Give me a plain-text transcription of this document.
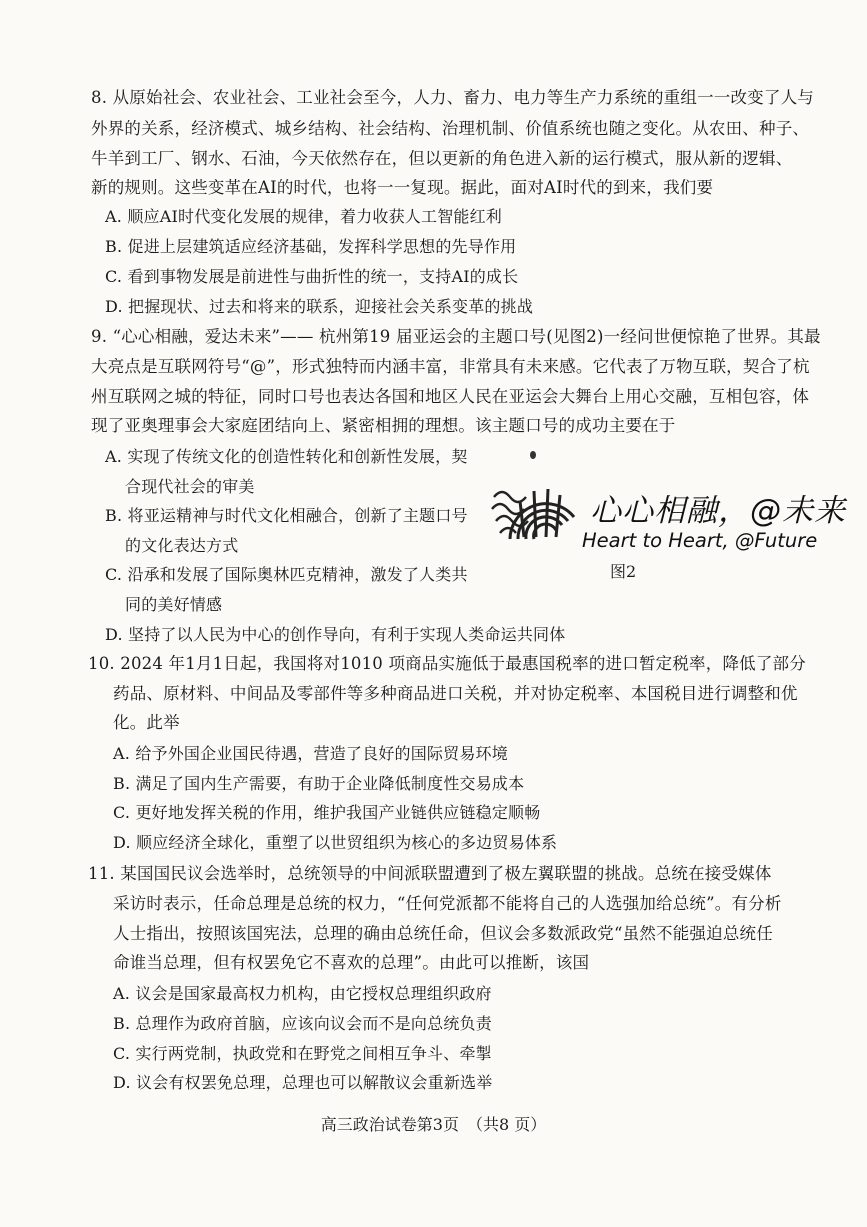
8. 从原始社会、农业社会、工业社会至今，人力、畜力、电力等生产力系统的重组一一改变了人与
外界的关系，经济模式、城乡结构、社会结构、治理机制、价值系统也随之变化。从农田、种子、
牛羊到工厂、钢水、石油，今天依然存在，但以更新的角色进入新的运行模式，服从新的逻辑、
新的规则。这些变革在AI的时代，也将一一复现。据此，面对AI时代的到来，我们要
A. 顺应AI时代变化发展的规律，着力收获人工智能红利
B. 促进上层建筑适应经济基础，发挥科学思想的先导作用
C. 看到事物发展是前进性与曲折性的统一，支持AI的成长
D. 把握现状、过去和将来的联系，迎接社会关系变革的挑战
9. “心心相融，爱达未来”—— 杭州第19 届亚运会的主题口号(见图2)一经问世便惊艳了世界。其最
大亮点是互联网符号“@”，形式独特而内涵丰富，非常具有未来感。它代表了万物互联，契合了杭
州互联网之城的特征，同时口号也表达各国和地区人民在亚运会大舞台上用心交融，互相包容，体
现了亚奥理事会大家庭团结向上、紧密相拥的理想。该主题口号的成功主要在于
A. 实现了传统文化的创造性转化和创新性发展，契
合现代社会的审美
B. 将亚运精神与时代文化相融合，创新了主题口号
的文化表达方式
C. 沿承和发展了国际奥林匹克精神，激发了人类共
同的美好情感
D. 坚持了以人民为中心的创作导向，有利于实现人类命运共同体
心心相融，@未来
Heart to Heart, @Future
图2
10. 2024 年1月1日起，我国将对1010 项商品实施低于最惠国税率的进口暂定税率，降低了部分
药品、原材料、中间品及零部件等多种商品进口关税，并对协定税率、本国税目进行调整和优
化。此举
A. 给予外国企业国民待遇，营造了良好的国际贸易环境
B. 满足了国内生产需要，有助于企业降低制度性交易成本
C. 更好地发挥关税的作用，维护我国产业链供应链稳定顺畅
D. 顺应经济全球化，重塑了以世贸组织为核心的多边贸易体系
11. 某国国民议会选举时，总统领导的中间派联盟遭到了极左翼联盟的挑战。总统在接受媒体
采访时表示，任命总理是总统的权力，“任何党派都不能将自己的人选强加给总统”。有分析
人士指出，按照该国宪法，总理的确由总统任命，但议会多数派政党“虽然不能强迫总统任
命谁当总理，但有权罢免它不喜欢的总理”。由此可以推断，该国
A. 议会是国家最高权力机构，由它授权总理组织政府
B. 总理作为政府首脑，应该向议会而不是向总统负责
C. 实行两党制，执政党和在野党之间相互争斗、牵掣
D. 议会有权罢免总理，总理也可以解散议会重新选举
高三政治试卷第3页　（共8 页）
